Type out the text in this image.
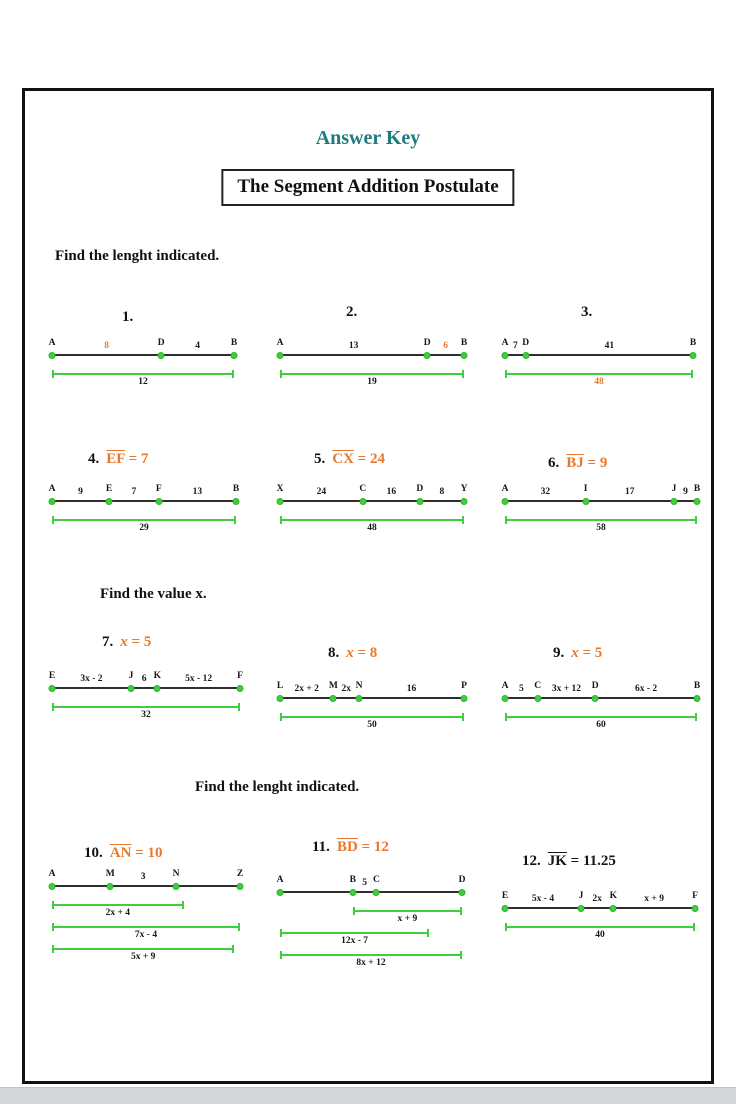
Answer Key
The Segment Addition Postulate
Find the lenght indicated.
1.
A	D	B
8	4
12
2.
A	D	B
13	6
19
3.
A D	B
7	41
48
4. $\overline{EF} = 7$
A	E	F	B
9	7	13
29
5. $\overline{CX} = 24$
X	C	D	Y
24	16	8
48
6. $\overline{BJ} = 9$
A	I	J B
32	17	9
58
Find the value x.
7. x = 5
E	J K	F
3x - 2	6	5x - 12
32
8. x = 8
L	M N	P
2x + 2 2x	16
50
9. x = 5
A	C	D	B
5	3x + 12	6x - 2
60
Find the lenght indicated.
10. $\overline{AN} = 10$
A	M	N	Z
3
2x + 4
7x - 4
5x + 9
11. $\overline{BD} = 12$
A	B C	D
5
x + 9
12x - 7
8x + 12
12. $\overline{JK} = 11.25$
E	J	K	F
5x - 4	2x	x + 9
40
